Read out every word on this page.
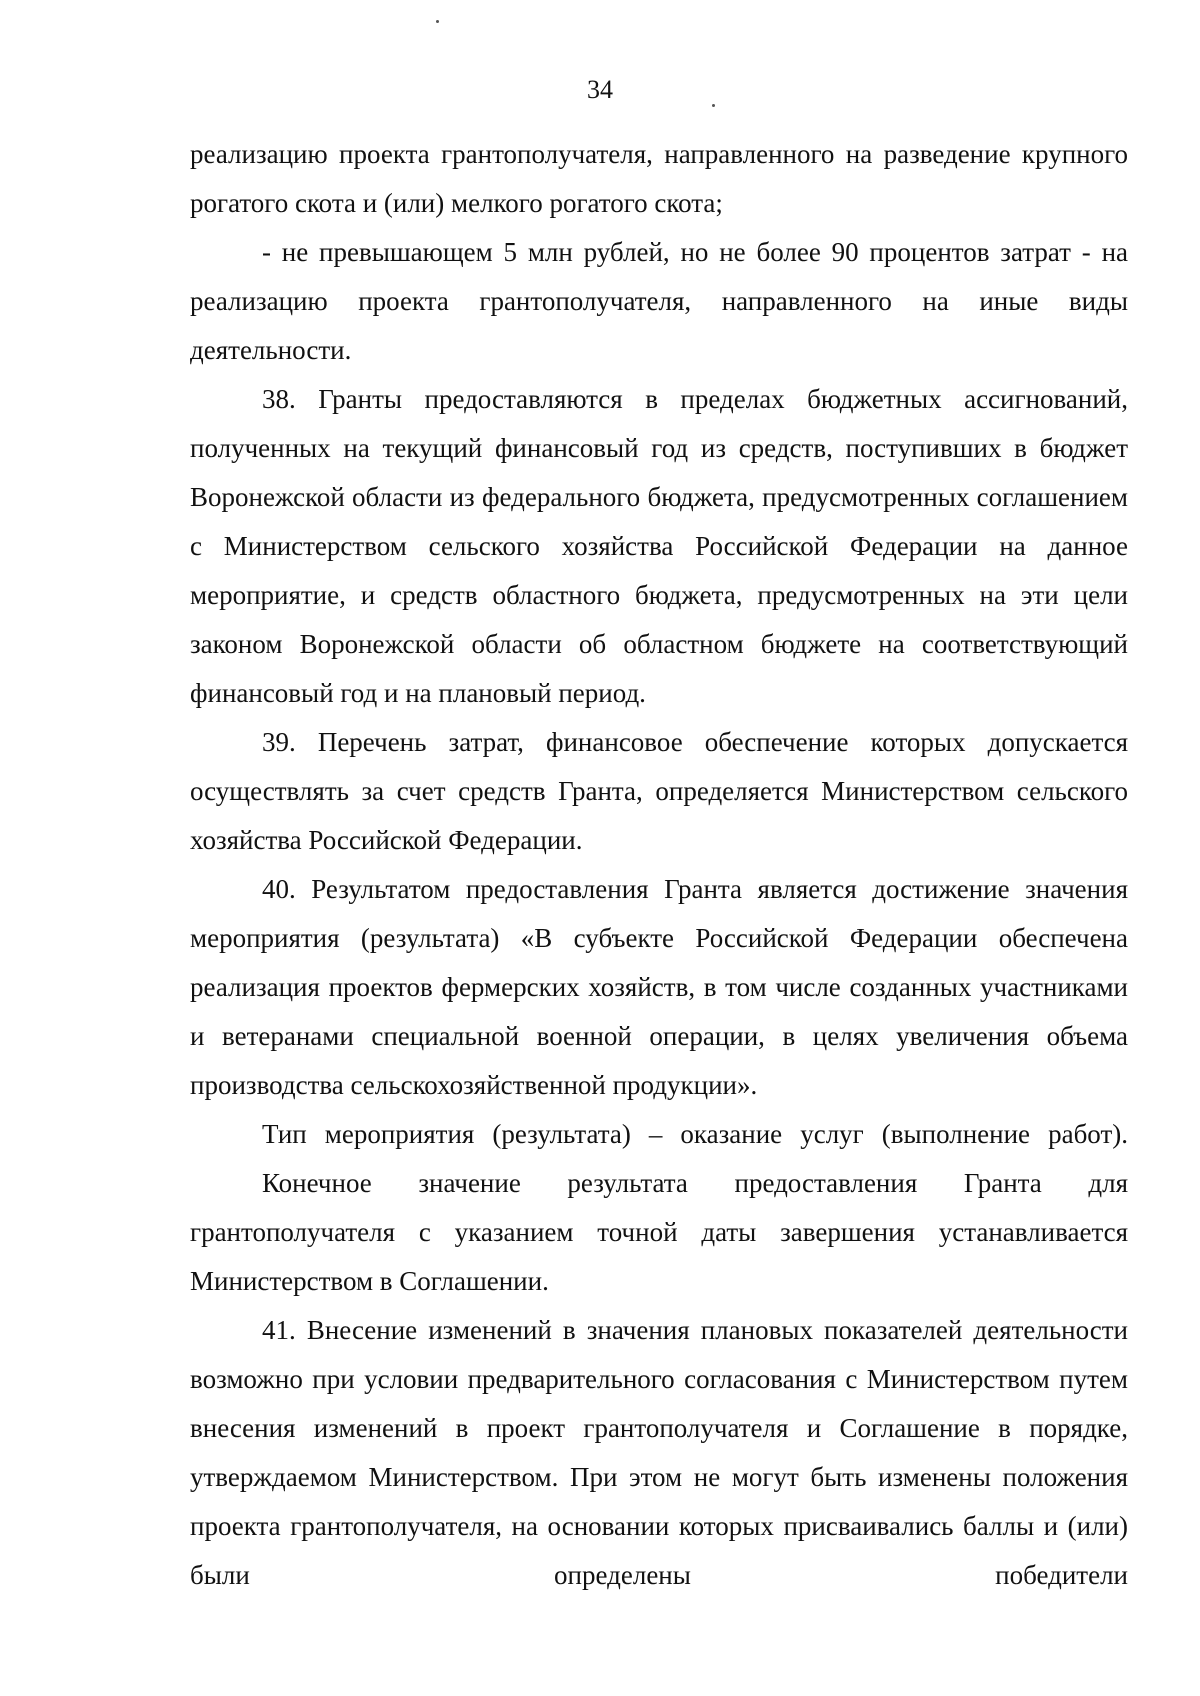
34

реализацию проекта грантополучателя, направленного на разведение крупного рогатого скота и (или) мелкого рогатого скота;

- не превышающем 5 млн рублей, но не более 90 процентов затрат - на реализацию проекта грантополучателя, направленного на иные виды деятельности.

38. Гранты предоставляются в пределах бюджетных ассигнований, полученных на текущий финансовый год из средств, поступивших в бюджет Воронежской области из федерального бюджета, предусмотренных соглашением с Министерством сельского хозяйства Российской Федерации на данное мероприятие, и средств областного бюджета, предусмотренных на эти цели законом Воронежской области об областном бюджете на соответствующий финансовый год и на плановый период.

39. Перечень затрат, финансовое обеспечение которых допускается осуществлять за счет средств Гранта, определяется Министерством сельского хозяйства Российской Федерации.

40. Результатом предоставления Гранта является достижение значения мероприятия (результата) «В субъекте Российской Федерации обеспечена реализация проектов фермерских хозяйств, в том числе созданных участниками и ветеранами специальной военной операции, в целях увеличения объема производства сельскохозяйственной продукции».

Тип мероприятия (результата) – оказание услуг (выполнение работ).

Конечное значение результата предоставления Гранта для грантополучателя с указанием точной даты завершения устанавливается Министерством в Соглашении.

41. Внесение изменений в значения плановых показателей деятельности возможно при условии предварительного согласования с Министерством путем внесения изменений в проект грантополучателя и Соглашение в порядке, утверждаемом Министерством. При этом не могут быть изменены положения проекта грантополучателя, на основании которых присваивались баллы и (или) были определены победители
